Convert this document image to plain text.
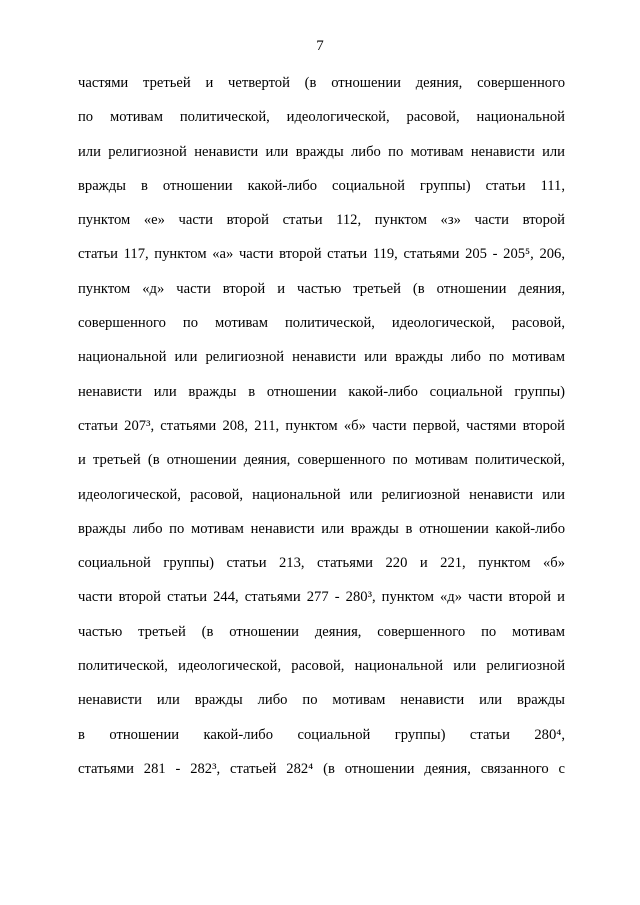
7
частями третьей и четвертой (в отношении деяния, совершенного
по мотивам политической, идеологической, расовой, национальной
или религиозной ненависти или вражды либо по мотивам ненависти или
вражды в отношении какой-либо социальной группы) статьи 111,
пунктом «е» части второй статьи 112, пунктом «з» части второй
статьи 117, пунктом «а» части второй статьи 119, статьями 205 - 205⁵, 206,
пунктом «д» части второй и частью третьей (в отношении деяния,
совершенного по мотивам политической, идеологической, расовой,
национальной или религиозной ненависти или вражды либо по мотивам
ненависти или вражды в отношении какой-либо социальной группы)
статьи 207³, статьями 208, 211, пунктом «б» части первой, частями второй
и третьей (в отношении деяния, совершенного по мотивам политической,
идеологической, расовой, национальной или религиозной ненависти или
вражды либо по мотивам ненависти или вражды в отношении какой-либо
социальной группы) статьи 213, статьями 220 и 221, пунктом «б»
части второй статьи 244, статьями 277 - 280³, пунктом «д» части второй и
частью третьей (в отношении деяния, совершенного по мотивам
политической, идеологической, расовой, национальной или религиозной
ненависти или вражды либо по мотивам ненависти или вражды
в отношении какой-либо социальной группы) статьи 280⁴,
статьями 281 - 282³, статьей 282⁴ (в отношении деяния, связанного с
